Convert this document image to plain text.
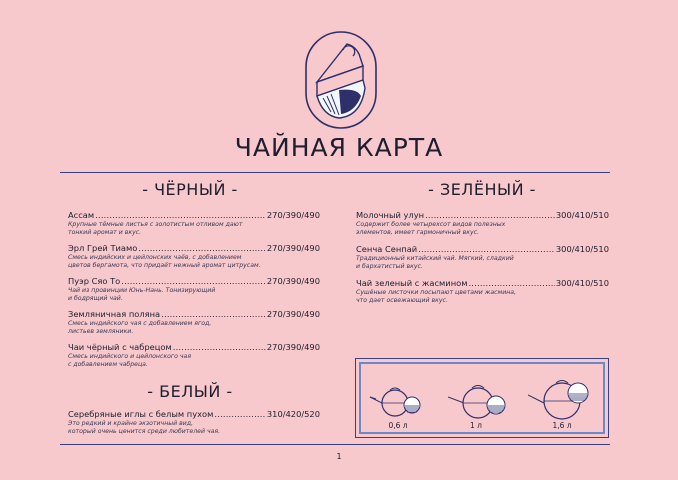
ЧАЙНАЯ КАРТА
- ЧЁРНЫЙ -
Ассам .....	270/390/490
Крупные тёмные листья с золотистым отливом дают
тонкий аромат и вкус.
Эрл Грей Тиамо .....	270/390/490
Смесь индийских и цейлонских чаёв, с добавлением
цветов бергамота, что придаёт нежный аромат цитрусам.
Пуэр Сяо То .....	270/390/490
Чай из провинции Юнь-Нань. Тонизирующий
и бодрящий чай.
Земляничная поляна .....	270/390/490
Смесь индийского чая с добавлением ягод,
листьев земляники.
Чаи чёрный с чабрецом .....	270/390/490
Смесь индийского и цейлонского чая
с добавлением чабреца.
- БЕЛЫЙ -
Серебряные иглы с белым пухом .....	310/420/520
Это редкий и крайне экзотичный вид,
который очень ценится среди любителей чая.
- ЗЕЛЁНЫЙ -
Молочный улун .....	300/410/510
Содержит более четырехсот видов полезных
элементов, имеет гармоничный вкус.
Сенча Сенпай .....	300/410/510
Традиционный китайский чай. Мягкий, сладкий
и бархатистый вкус.
Чай зеленый с жасмином .....	300/410/510
Сушёные листочки посыпают цветами жасмина,
что дает освежающий вкус.
0,6 л	1 л	1,6 л
1
